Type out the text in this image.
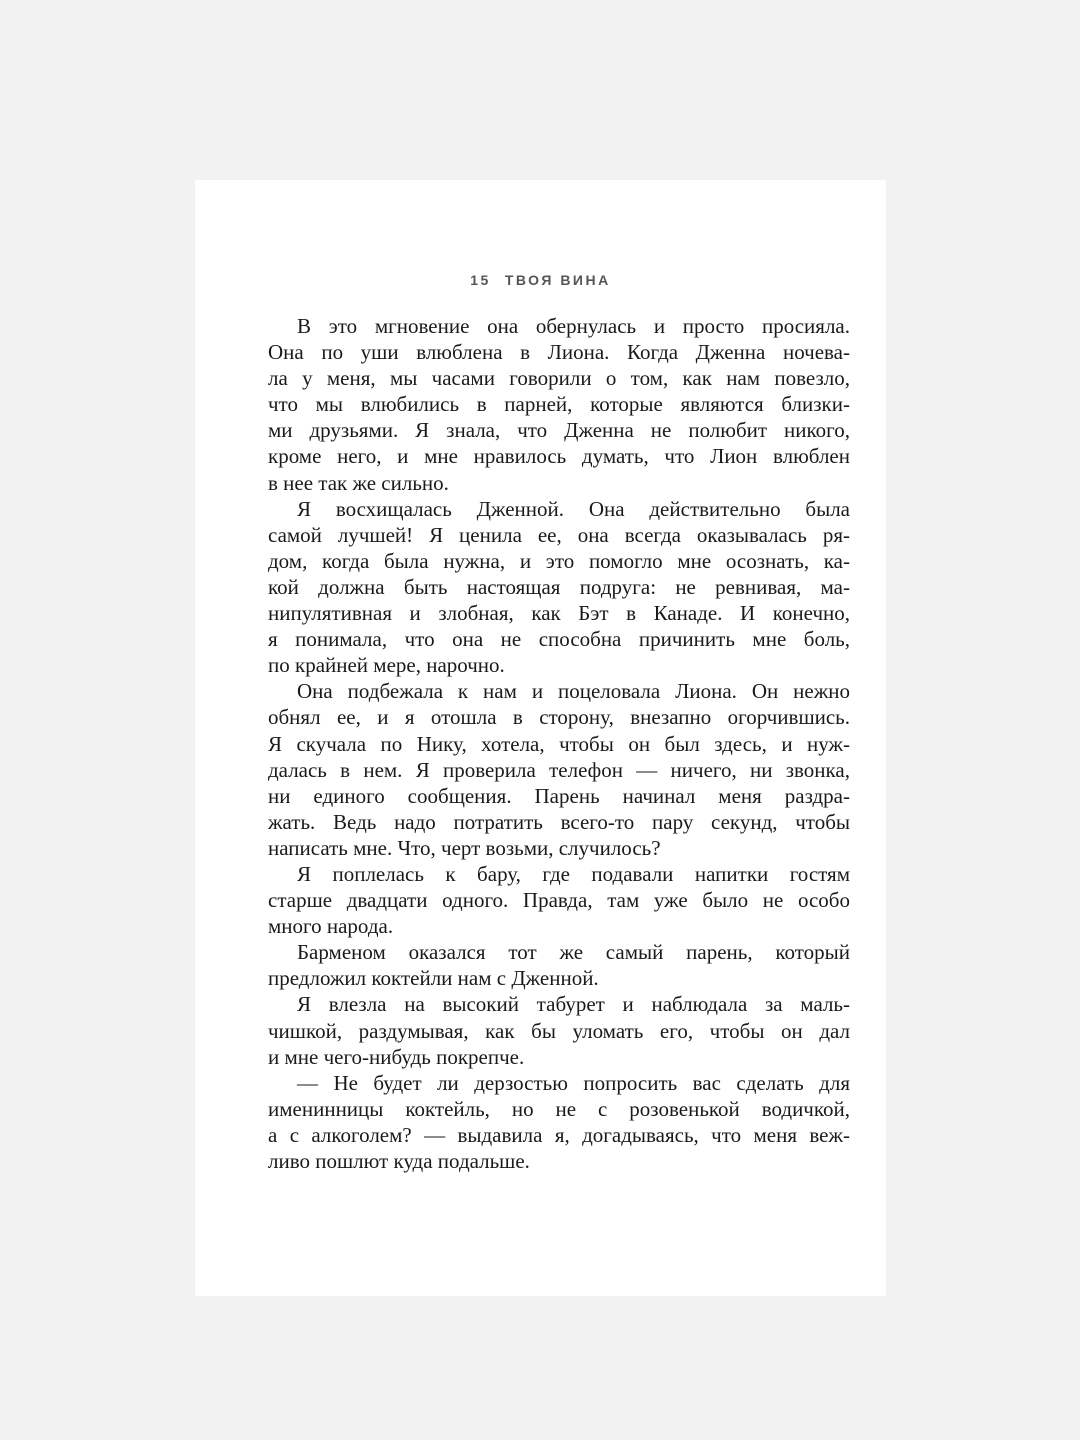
15 ТВОЯ ВИНА
В это мгновение она обернулась и просто просияла.
Она по уши влюблена в Лиона. Когда Дженна ночева-
ла у меня, мы часами говорили о том, как нам повезло,
что мы влюбились в парней, которые являются близки-
ми друзьями. Я знала, что Дженна не полюбит никого,
кроме него, и мне нравилось думать, что Лион влюблен
в нее так же сильно.
Я восхищалась Дженной. Она действительно была
самой лучшей! Я ценила ее, она всегда оказывалась ря-
дом, когда была нужна, и это помогло мне осознать, ка-
кой должна быть настоящая подруга: не ревнивая, ма-
нипулятивная и злобная, как Бэт в Канаде. И конечно,
я понимала, что она не способна причинить мне боль,
по крайней мере, нарочно.
Она подбежала к нам и поцеловала Лиона. Он нежно
обнял ее, и я отошла в сторону, внезапно огорчившись.
Я скучала по Нику, хотела, чтобы он был здесь, и нуж-
далась в нем. Я проверила телефон — ничего, ни звонка,
ни единого сообщения. Парень начинал меня раздра-
жать. Ведь надо потратить всего-то пару секунд, чтобы
написать мне. Что, черт возьми, случилось?
Я поплелась к бару, где подавали напитки гостям
старше двадцати одного. Правда, там уже было не особо
много народа.
Барменом оказался тот же самый парень, который
предложил коктейли нам с Дженной.
Я влезла на высокий табурет и наблюдала за маль-
чишкой, раздумывая, как бы уломать его, чтобы он дал
и мне чего-нибудь покрепче.
— Не будет ли дерзостью попросить вас сделать для
именинницы коктейль, но не с розовенькой водичкой,
а с алкоголем? — выдавила я, догадываясь, что меня веж-
ливо пошлют куда подальше.
